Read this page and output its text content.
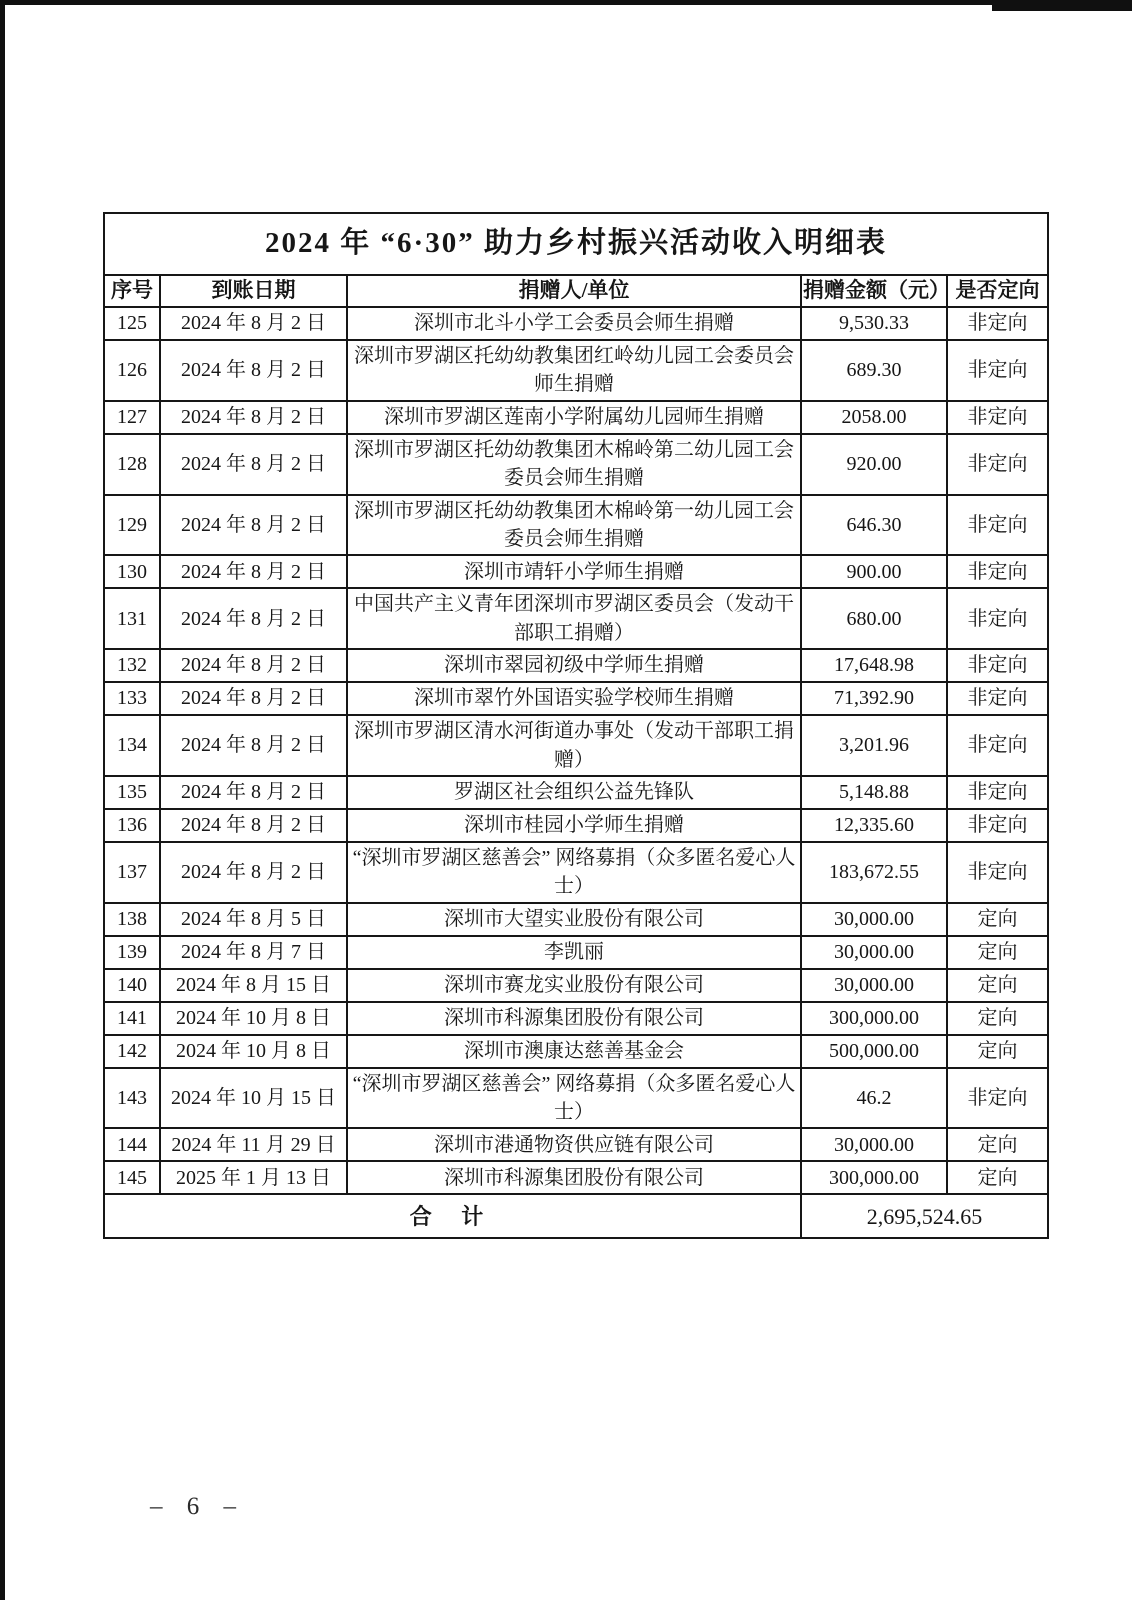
2024 年 “6·30” 助力乡村振兴活动收入明细表				
序号	到账日期	捐赠人/单位	捐赠金额（元）	是否定向
125	2024 年 8 月 2 日	深圳市北斗小学工会委员会师生捐赠	9,530.33	非定向
126	2024 年 8 月 2 日	深圳市罗湖区托幼幼教集团红岭幼儿园工会委员会师生捐赠	689.30	非定向
127	2024 年 8 月 2 日	深圳市罗湖区莲南小学附属幼儿园师生捐赠	2058.00	非定向
128	2024 年 8 月 2 日	深圳市罗湖区托幼幼教集团木棉岭第二幼儿园工会委员会师生捐赠	920.00	非定向
129	2024 年 8 月 2 日	深圳市罗湖区托幼幼教集团木棉岭第一幼儿园工会委员会师生捐赠	646.30	非定向
130	2024 年 8 月 2 日	深圳市靖轩小学师生捐赠	900.00	非定向
131	2024 年 8 月 2 日	中国共产主义青年团深圳市罗湖区委员会（发动干部职工捐赠）	680.00	非定向
132	2024 年 8 月 2 日	深圳市翠园初级中学师生捐赠	17,648.98	非定向
133	2024 年 8 月 2 日	深圳市翠竹外国语实验学校师生捐赠	71,392.90	非定向
134	2024 年 8 月 2 日	深圳市罗湖区清水河街道办事处（发动干部职工捐赠）	3,201.96	非定向
135	2024 年 8 月 2 日	罗湖区社会组织公益先锋队	5,148.88	非定向
136	2024 年 8 月 2 日	深圳市桂园小学师生捐赠	12,335.60	非定向
137	2024 年 8 月 2 日	“深圳市罗湖区慈善会” 网络募捐（众多匿名爱心人士）	183,672.55	非定向
138	2024 年 8 月 5 日	深圳市大望实业股份有限公司	30,000.00	定向
139	2024 年 8 月 7 日	李凯丽	30,000.00	定向
140	2024 年 8 月 15 日	深圳市赛龙实业股份有限公司	30,000.00	定向
141	2024 年 10 月 8 日	深圳市科源集团股份有限公司	300,000.00	定向
142	2024 年 10 月 8 日	深圳市澳康达慈善基金会	500,000.00	定向
143	2024 年 10 月 15 日	“深圳市罗湖区慈善会” 网络募捐（众多匿名爱心人士）	46.2	非定向
144	2024 年 11 月 29 日	深圳市港通物资供应链有限公司	30,000.00	定向
145	2025 年 1 月 13 日	深圳市科源集团股份有限公司	300,000.00	定向
合 计			2,695,524.65	
– 6 –
